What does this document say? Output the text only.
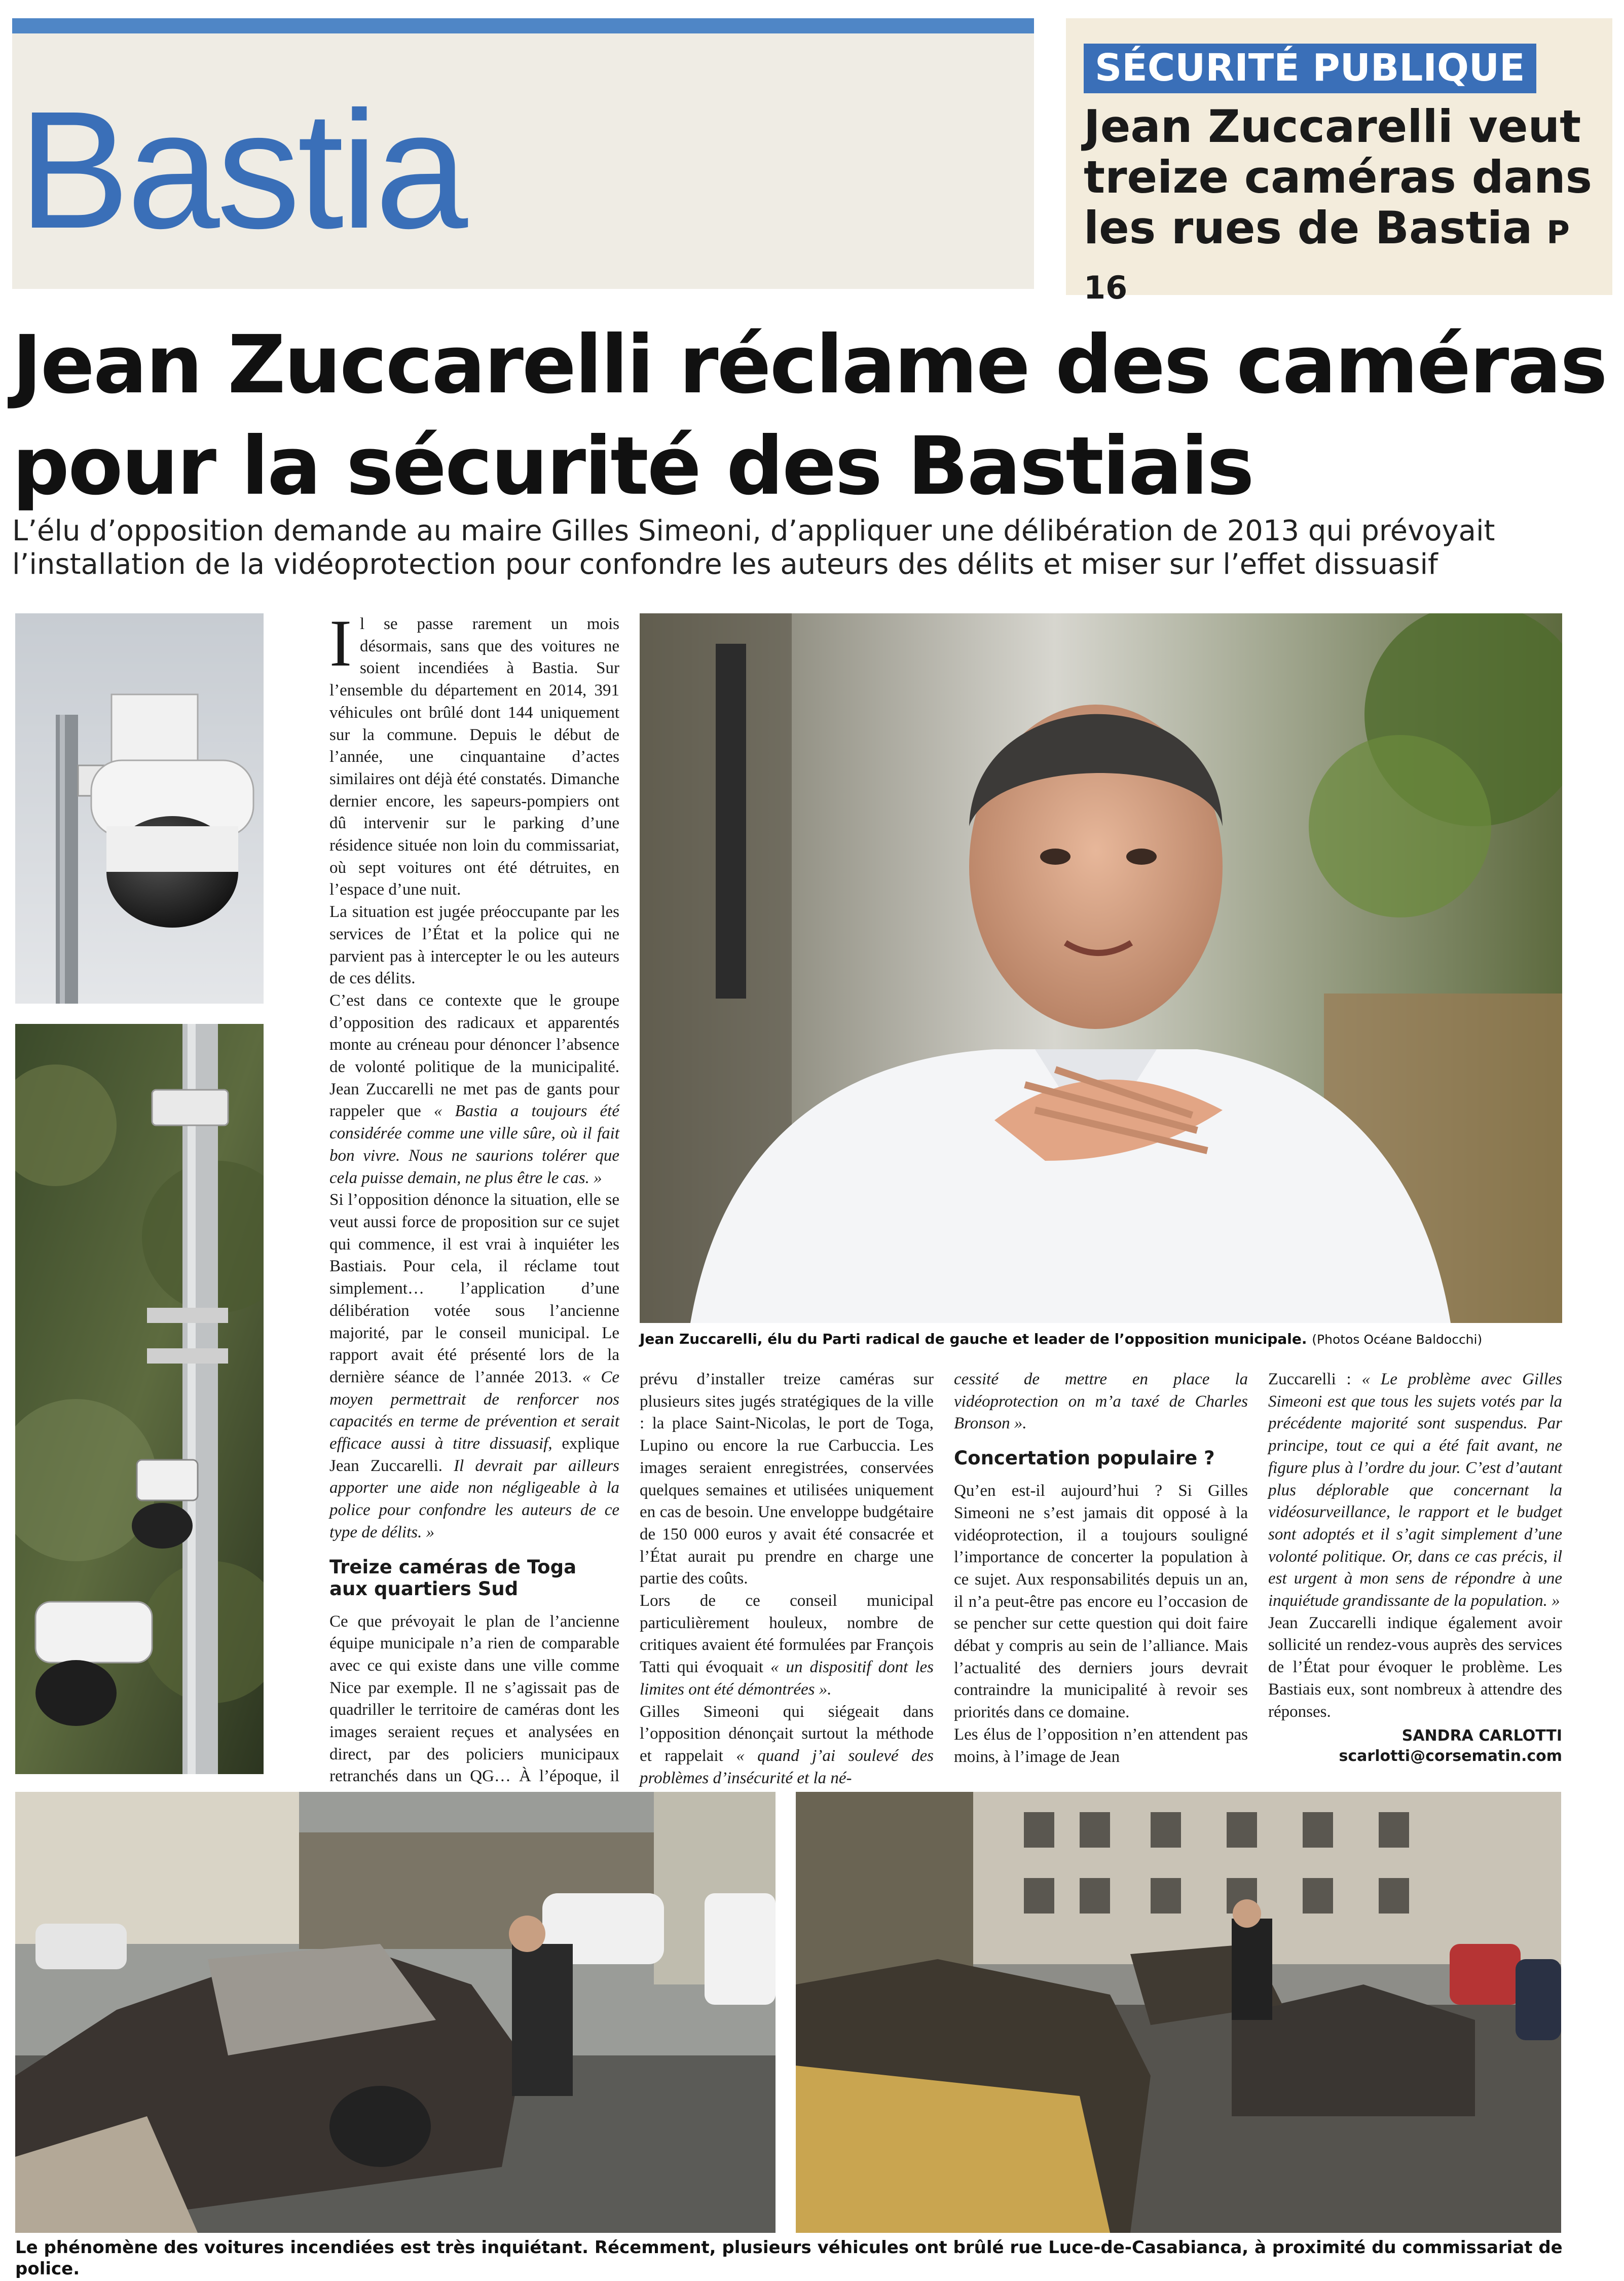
Bastia
SÉCURITÉ PUBLIQUE
Jean Zuccarelli veut treize caméras dans les rues de Bastia P 16
Jean Zuccarelli réclame des caméras pour la sécurité des Bastiais
L’élu d’opposition demande au maire Gilles Simeoni, d’appliquer une délibération de 2013 qui prévoyait l’installation de la vidéoprotection pour confondre les auteurs des délits et miser sur l’effet dissuasif
Jean Zuccarelli, élu du Parti radical de gauche et leader de l’opposition municipale. (Photos Océane Baldocchi)

Il se passe rarement un mois désormais, sans que des voitures ne soient incendiées à Bastia. Sur l’ensemble du département en 2014, 391 véhicules ont brûlé dont 144 uniquement sur la commune. Depuis le début de l’année, une cinquantaine d’actes similaires ont déjà été constatés. Dimanche dernier encore, les sapeurs-pompiers ont dû intervenir sur le parking d’une résidence située non loin du commissariat, où sept voitures ont été détruites, en l’espace d’une nuit.

La situation est jugée préoccupante par les services de l’État et la police qui ne parvient pas à intercepter le ou les auteurs de ces délits.

C’est dans ce contexte que le groupe d’opposition des radicaux et apparentés monte au créneau pour dénoncer l’absence de volonté politique de la municipalité. Jean Zuccarelli ne met pas de gants pour rappeler que « Bastia a toujours été considérée comme une ville sûre, où il fait bon vivre. Nous ne saurions tolérer que cela puisse demain, ne plus être le cas. »

Si l’opposition dénonce la situation, elle se veut aussi force de proposition sur ce sujet qui commence, il est vrai à inquiéter les Bastiais. Pour cela, il réclame tout simplement… l’application d’une délibération votée sous l’ancienne majorité, par le conseil municipal. Le rapport avait été présenté lors de la dernière séance de l’année 2013. « Ce moyen permettrait de renforcer nos capacités en terme de prévention et serait efficace aussi à titre dissuasif, explique Jean Zuccarelli. Il devrait par ailleurs apporter une aide non négligeable à la police pour confondre les auteurs de ce type de délits. »

Treize caméras de Toga aux quartiers Sud

Ce que prévoyait le plan de l’ancienne équipe municipale n’a rien de comparable avec ce qui existe dans une ville comme Nice par exemple. Il ne s’agissait pas de quadriller le territoire de caméras dont les images seraient reçues et analysées en direct, par des policiers municipaux retranchés dans un QG… À l’époque, il

prévu d’installer treize caméras sur plusieurs sites jugés stratégiques de la ville : la place Saint-Nicolas, le port de Toga, Lupino ou encore la rue Carbuccia. Les images seraient enregistrées, conservées quelques semaines et utilisées uniquement en cas de besoin. Une enveloppe budgétaire de 150 000 euros y avait été consacrée et l’État aurait pu prendre en charge une partie des coûts.

Lors de ce conseil municipal particulièrement houleux, nombre de critiques avaient été formulées par François Tatti qui évoquait « un dispositif dont les limites ont été démontrées ».

Gilles Simeoni qui siégeait dans l’opposition dénonçait surtout la méthode et rappelait « quand j’ai soulevé des problèmes d’insécurité et la né-

cessité de mettre en place la vidéoprotection on m’a taxé de Charles Bronson ».

Concertation populaire ?

Qu’en est-il aujourd’hui ? Si Gilles Simeoni ne s’est jamais dit opposé à la vidéoprotection, il a toujours souligné l’importance de concerter la population à ce sujet. Aux responsabilités depuis un an, il n’a peut-être pas encore eu l’occasion de se pencher sur cette question qui doit faire débat y compris au sein de l’alliance. Mais l’actualité des derniers jours devrait contraindre la municipalité à revoir ses priorités dans ce domaine.

Les élus de l’opposition n’en attendent pas moins, à l’image de Jean

Zuccarelli : « Le problème avec Gilles Simeoni est que tous les sujets votés par la précédente majorité sont suspendus. Par principe, tout ce qui a été fait avant, ne figure plus à l’ordre du jour. C’est d’autant plus déplorable que concernant la vidéosurveillance, le rapport et le budget sont adoptés et il s’agit simplement d’une volonté politique. Or, dans ce cas précis, il est urgent à mon sens de répondre à une inquiétude grandissante de la population. »

Jean Zuccarelli indique également avoir sollicité un rendez-vous auprès des services de l’État pour évoquer le problème. Les Bastiais eux, sont nombreux à attendre des réponses.

SANDRA CARLOTTI
scarlotti@corsematin.com
Le phénomène des voitures incendiées est très inquiétant. Récemment, plusieurs véhicules ont brûlé rue Luce-de-Casabianca, à proximité du commissariat de police.
